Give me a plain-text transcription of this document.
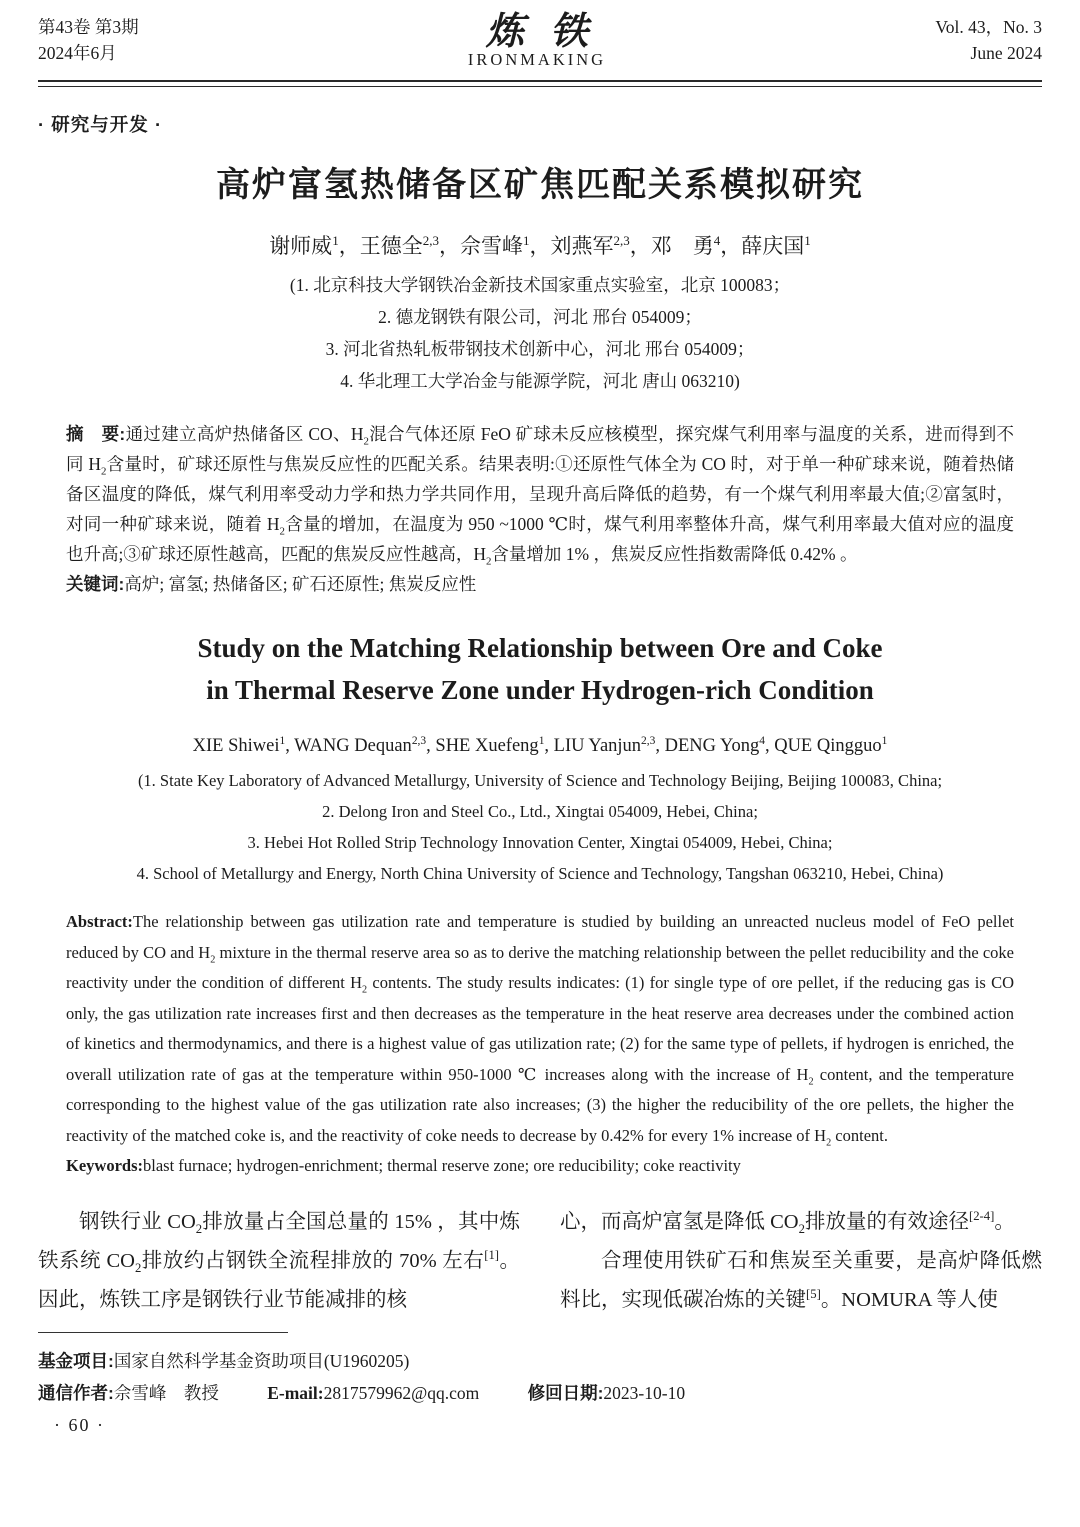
第43卷 第3期
2024年6月	炼铁
IRONMAKING
Vol. 43，No. 3
June 2024
· 研究与开发 ·
高炉富氢热储备区矿焦匹配关系模拟研究
谢师威$^1$，王德全$^{2,3}$，佘雪峰$^1$，刘燕军$^{2,3}$，邓　勇$^4$，薛庆国$^1$
(1. 北京科技大学钢铁冶金新技术国家重点实验室，北京 100083；
2. 德龙钢铁有限公司，河北 邢台 054009；
3. 河北省热轧板带钢技术创新中心，河北 邢台 054009；
4. 华北理工大学冶金与能源学院，河北 唐山 063210)

摘　要:通过建立高炉热储备区 CO、$H_2$混合气体还原 FeO 矿球未反应核模型，探究煤气利用率与温度的关系，进而得到不同 $H_2$含量时，矿球还原性与焦炭反应性的匹配关系。结果表明:①还原性气体全为 CO 时，对于单一种矿球来说，随着热储备区温度的降低，煤气利用率受动力学和热力学共同作用，呈现升高后降低的趋势，有一个煤气利用率最大值;②富氢时，对同一种矿球来说，随着 $H_2$含量的增加，在温度为 950 ~1000 ℃时，煤气利用率整体升高，煤气利用率最大值对应的温度也升高;③矿球还原性越高，匹配的焦炭反应性越高，$H_2$含量增加 1% ，焦炭反应性指数需降低 0.42% 。

关键词:高炉; 富氢; 热储备区; 矿石还原性; 焦炭反应性

Study on the Matching Relationship between Ore and Coke
in Thermal Reserve Zone under Hydrogen-rich Condition
XIE Shiwei$^1$, WANG Dequan$^{2,3}$, SHE Xuefeng$^1$, LIU Yanjun$^{2,3}$, DENG Yong$^4$, QUE Qingguo$^1$
(1. State Key Laboratory of Advanced Metallurgy, University of Science and Technology Beijing, Beijing 100083, China;
2. Delong Iron and Steel Co., Ltd., Xingtai 054009, Hebei, China;
3. Hebei Hot Rolled Strip Technology Innovation Center, Xingtai 054009, Hebei, China;
4. School of Metallurgy and Energy, North China University of Science and Technology, Tangshan 063210, Hebei, China)

Abstract:The relationship between gas utilization rate and temperature is studied by building an unreacted nucleus model of FeO pellet reduced by CO and $H_2$ mixture in the thermal reserve area so as to derive the matching relationship between the pellet reducibility and the coke reactivity under the condition of different $H_2$ contents. The study results indicates: (1) for single type of ore pellet, if the reducing gas is CO only, the gas utilization rate increases first and then decreases as the temperature in the heat reserve area decreases under the combined action of kinetics and thermodynamics, and there is a highest value of gas utilization rate; (2) for the same type of pellets, if hydrogen is enriched, the overall utilization rate of gas at the temperature within 950-1000 ℃ increases along with the increase of $H_2$ content, and the temperature corresponding to the highest value of the gas utilization rate also increases; (3) the higher the reducibility of the ore pellets, the higher the reactivity of the matched coke is, and the reactivity of coke needs to decrease by 0.42% for every 1% increase of $H_2$ content.

Keywords:blast furnace; hydrogen-enrichment; thermal reserve zone; ore reducibility; coke reactivity

钢铁行业 $CO_2$排放量占全国总量的 15% ，其中炼铁系统 $CO_2$排放约占钢铁全流程排放的 70% 左右[1]。因此，炼铁工序是钢铁行业节能减排的核

心，而高炉富氢是降低 $CO_2$排放量的有效途径[2-4]。

合理使用铁矿石和焦炭至关重要，是高炉降低燃料比，实现低碳冶炼的关键[5]。NOMURA 等人使

基金项目:国家自然科学基金资助项目(U1960205)
通信作者:佘雪峰　教授	E-mail:2817579962@qq.com	修回日期:2023-10-10
· 60 ·
